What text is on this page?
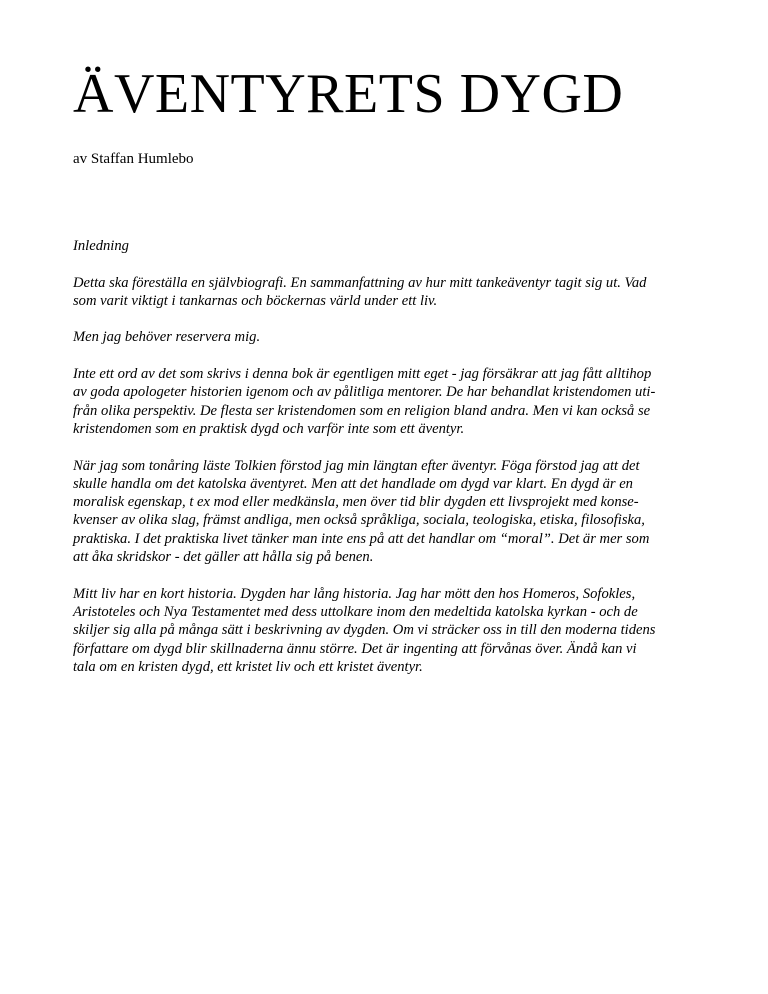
ÄVENTYRETS DYGD

av Staffan Humlebo

Inledning

Detta ska föreställa en självbiografi. En sammanfattning av hur mitt tankeäventyr tagit sig ut. Vad
som varit viktigt i tankarnas och böckernas värld under ett liv.

Men jag behöver reservera mig.

Inte ett ord av det som skrivs i denna bok är egentligen mitt eget - jag försäkrar att jag fått alltihop
av goda apologeter historien igenom och av pålitliga mentorer. De har behandlat kristendomen uti-
från olika perspektiv. De flesta ser kristendomen som en religion bland andra. Men vi kan också se
kristendomen som en praktisk dygd och varför inte som ett äventyr.

När jag som tonåring läste Tolkien förstod jag min längtan efter äventyr. Föga förstod jag att det
skulle handla om det katolska äventyret. Men att det handlade om dygd var klart. En dygd är en
moralisk egenskap, t ex mod eller medkänsla, men över tid blir dygden ett livsprojekt med konse-
kvenser av olika slag, främst andliga, men också språkliga, sociala, teologiska, etiska, filosofiska,
praktiska. I det praktiska livet tänker man inte ens på att det handlar om “moral”. Det är mer som
att åka skridskor - det gäller att hålla sig på benen.

Mitt liv har en kort historia. Dygden har lång historia. Jag har mött den hos Homeros, Sofokles,
Aristoteles och Nya Testamentet med dess uttolkare inom den medeltida katolska kyrkan - och de
skiljer sig alla på många sätt i beskrivning av dygden. Om vi sträcker oss in till den moderna tidens
författare om dygd blir skillnaderna ännu större. Det är ingenting att förvånas över. Ändå kan vi
tala om en kristen dygd, ett kristet liv och ett kristet äventyr.
